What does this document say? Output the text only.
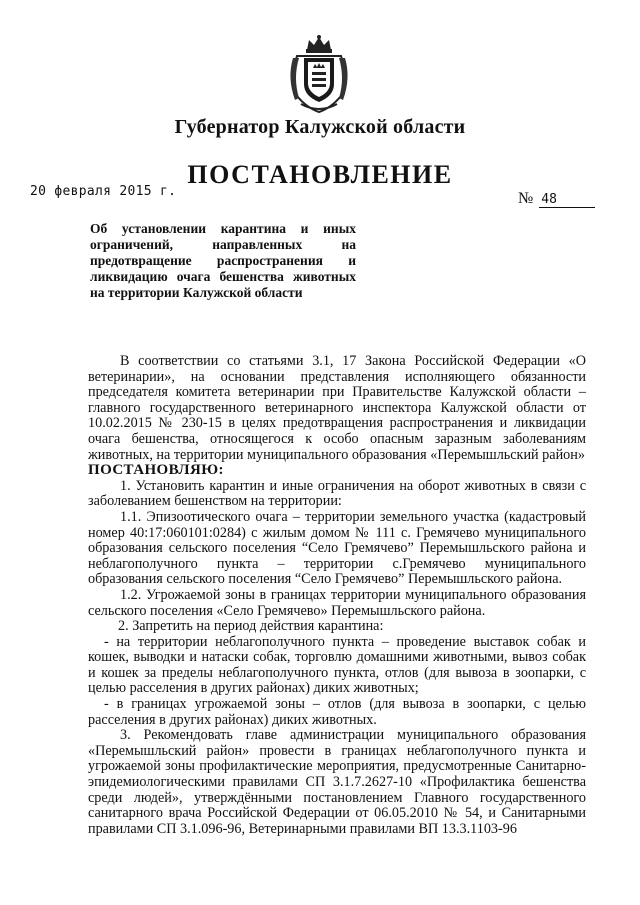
Губернатор Калужской области
ПОСТАНОВЛЕНИЕ
20 февраля 2015 г.	№ 48
Об установлении карантина и иных
ограничений, направленных на
предотвращение распространения и
ликвидацию очага бешенства животных
на территории Калужской области

В соответствии со статьями 3.1, 17 Закона Российской Федерации «О ветеринарии», на основании представления исполняющего обязанности председателя комитета ветеринарии при Правительстве Калужской области – главного государственного ветеринарного инспектора Калужской области от 10.02.2015 № 230-15 в целях предотвращения распространения и ликвидации очага бешенства, относящегося к особо опасным заразным заболеваниям животных, на территории муниципального образования «Перемышльский район»

ПОСТАНОВЛЯЮ:

1. Установить карантин и иные ограничения на оборот животных в связи с заболеванием бешенством на территории:

1.1. Эпизоотического очага – территории земельного участка (кадастровый номер 40:17:060101:0284) с жилым домом № 111 с. Гремячево муниципального образования сельского поселения “Село Гремячево” Перемышльского района и неблагополучного пункта – территории с.Гремячево муниципального образования сельского поселения “Село Гремячево” Перемышльского района.

1.2. Угрожаемой зоны в границах территории муниципального образования сельского поселения «Село Гремячево» Перемышльского района.

2. Запретить на период действия карантина:

- на территории неблагополучного пункта – проведение выставок собак и кошек, выводки и натаски собак, торговлю домашними животными, вывоз собак и кошек за пределы неблагополучного пункта, отлов (для вывоза в зоопарки, с целью расселения в других районах) диких животных;

- в границах угрожаемой зоны – отлов (для вывоза в зоопарки, с целью расселения в других районах) диких животных.

3. Рекомендовать главе администрации муниципального образования «Перемышльский район» провести в границах неблагополучного пункта и угрожаемой зоны профилактические мероприятия, предусмотренные Санитарно-эпидемиологическими правилами СП 3.1.7.2627-10 «Профилактика бешенства среди людей», утверждёнными постановлением Главного государственного санитарного врача Российской Федерации от 06.05.2010 № 54, и Санитарными правилами СП 3.1.096-96, Ветеринарными правилами ВП 13.3.1103-96
